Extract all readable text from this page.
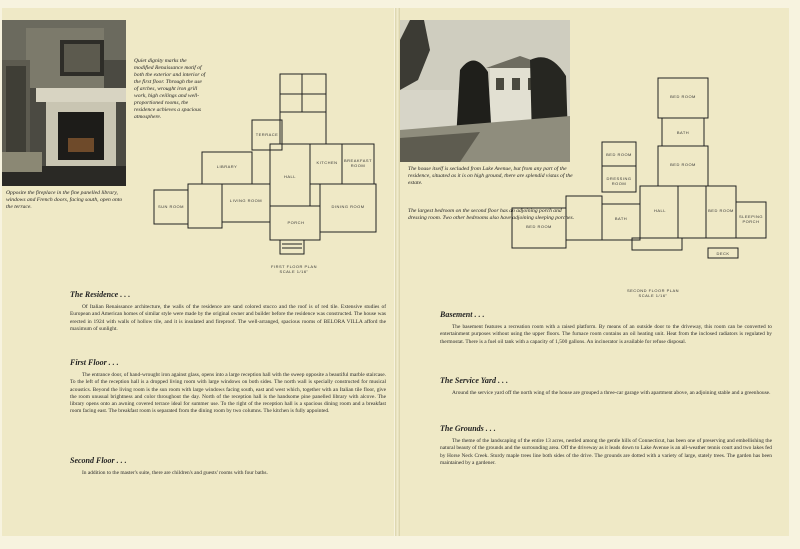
Opposite the fireplace in the fine panelled library, windows and French doors, facing south, open onto the terrace.
Quiet dignity marks the modified Renaissance motif of both the exterior and interior of the first floor. Through the use of arches, wrought iron grill work, high ceilings and well-proportioned rooms, the residence achieves a spacious atmosphere.
LIVING ROOM
HALL
DINING ROOM
LIBRARY
KITCHEN
TERRACE
BREAKFAST ROOM
SUN ROOM
PORCH
FIRST FLOOR PLAN
SCALE 1/16"
The Residence . . .
Of Italian Renaissance architecture, the walls of the residence are sand colored stucco and the roof is of red tile. Extensive studies of European and American homes of similar style were made by the original owner and builder before the residence was constructed. The house was erected in 1924 with walls of hollow tile, and it is insulated and fireproof. The well-arranged, spacious rooms of BELORA VILLA afford the maximum of sunlight.
First Floor . . .
The entrance door, of hand-wrought iron against glass, opens into a large reception hall with the sweep opposite a beautiful marble staircase. To the left of the reception hall is a dropped living room with large windows on both sides. The north wall is specially constructed for musical acoustics. Beyond the living room is the sun room with large windows facing south, east and west which, together with an Italian tile floor, give the room unusual brightness and color throughout the day. North of the reception hall is the handsome pine panelled library with alcove. The library opens onto an awning covered terrace ideal for summer use. To the right of the reception hall is a spacious dining room and a breakfast room facing east. The breakfast room is separated from the dining room by two columns. The kitchen is fully appointed.
Second Floor . . .
In addition to the master's suite, there are children's and guests' rooms with four baths.
The house itself is secluded from Lake Avenue, but from any part of the residence, situated as it is on high ground, there are splendid vistas of the estate.
The largest bedroom on the second floor has an adjoining porch and dressing room. Two other bedrooms also have adjoining sleeping porches.
BED ROOM
BED ROOM
BED ROOM
BED ROOM
BED ROOM
BATH
BATH
HALL
SLEEPING PORCH
DRESSING ROOM
DECK
SECOND FLOOR PLAN
SCALE 1/16"
Basement . . .
The basement features a recreation room with a raised platform. By means of an outside door to the driveway, this room can be converted to entertainment purposes without using the upper floors. The furnace room contains an oil heating unit. Heat from the inclosed radiators is regulated by thermostat. There is a fuel oil tank with a capacity of 1,500 gallons. An incinerator is available for refuse disposal.
The Service Yard . . .
Around the service yard off the north wing of the house are grouped a three-car garage with apartment above, an adjoining stable and a greenhouse.
The Grounds . . .
The theme of the landscaping of the entire 13 acres, nestled among the gentle hills of Connecticut, has been one of preserving and embellishing the natural beauty of the grounds and the surrounding area. Off the driveway as it leads down to Lake Avenue is an all-weather tennis court and two lakes fed by Horse Neck Creek. Sturdy maple trees line both sides of the drive. The grounds are dotted with a variety of large, stately trees. The garden has been maintained by a gardener.
